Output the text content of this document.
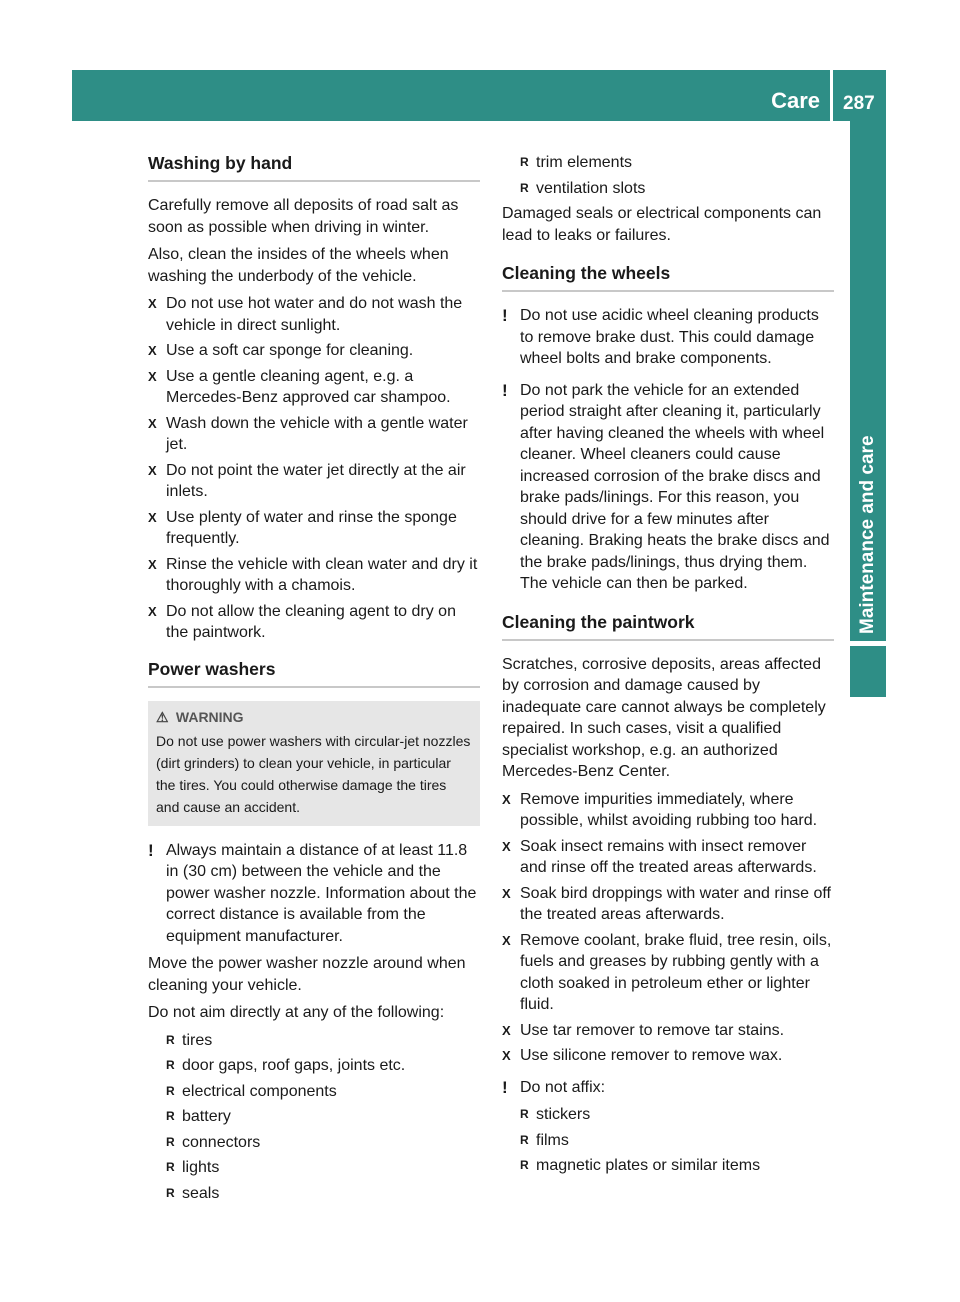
Care 287
Maintenance and care
Washing by hand

Carefully remove all deposits of road salt as soon as possible when driving in winter.

Also, clean the insides of the wheels when washing the underbody of the vehicle.

X Do not use hot water and do not wash the vehicle in direct sunlight.
X Use a soft car sponge for cleaning.
X Use a gentle cleaning agent, e.g. a Mercedes-Benz approved car shampoo.
X Wash down the vehicle with a gentle water jet.
X Do not point the water jet directly at the air inlets.
X Use plenty of water and rinse the sponge frequently.
X Rinse the vehicle with clean water and dry it thoroughly with a chamois.
X Do not allow the cleaning agent to dry on the paintwork.
Power washers
⚠ WARNING
Do not use power washers with circular-jet nozzles (dirt grinders) to clean your vehicle, in particular the tires. You could otherwise damage the tires and cause an accident.
! Always maintain a distance of at least 11.8 in (30 cm) between the vehicle and the power washer nozzle. Information about the correct distance is available from the equipment manufacturer.

Move the power washer nozzle around when cleaning your vehicle.

Do not aim directly at any of the following:

R tires
R door gaps, roof gaps, joints etc.
R electrical components
R battery
R connectors
R lights
R seals
R trim elements
R ventilation slots

Damaged seals or electrical components can lead to leaks or failures.

Cleaning the wheels
! Do not use acidic wheel cleaning products to remove brake dust. This could damage wheel bolts and brake components.
! Do not park the vehicle for an extended period straight after cleaning it, particularly after having cleaned the wheels with wheel cleaner. Wheel cleaners could cause increased corrosion of the brake discs and brake pads/linings. For this reason, you should drive for a few minutes after cleaning. Braking heats the brake discs and the brake pads/linings, thus drying them. The vehicle can then be parked.
Cleaning the paintwork

Scratches, corrosive deposits, areas affected by corrosion and damage caused by inadequate care cannot always be completely repaired. In such cases, visit a qualified specialist workshop, e.g. an authorized Mercedes-Benz Center.

X Remove impurities immediately, where possible, whilst avoiding rubbing too hard.
X Soak insect remains with insect remover and rinse off the treated areas afterwards.
X Soak bird droppings with water and rinse off the treated areas afterwards.
X Remove coolant, brake fluid, tree resin, oils, fuels and greases by rubbing gently with a cloth soaked in petroleum ether or lighter fluid.
X Use tar remover to remove tar stains.
X Use silicone remover to remove wax.
! Do not affix:
R stickers
R films
R magnetic plates or similar items
